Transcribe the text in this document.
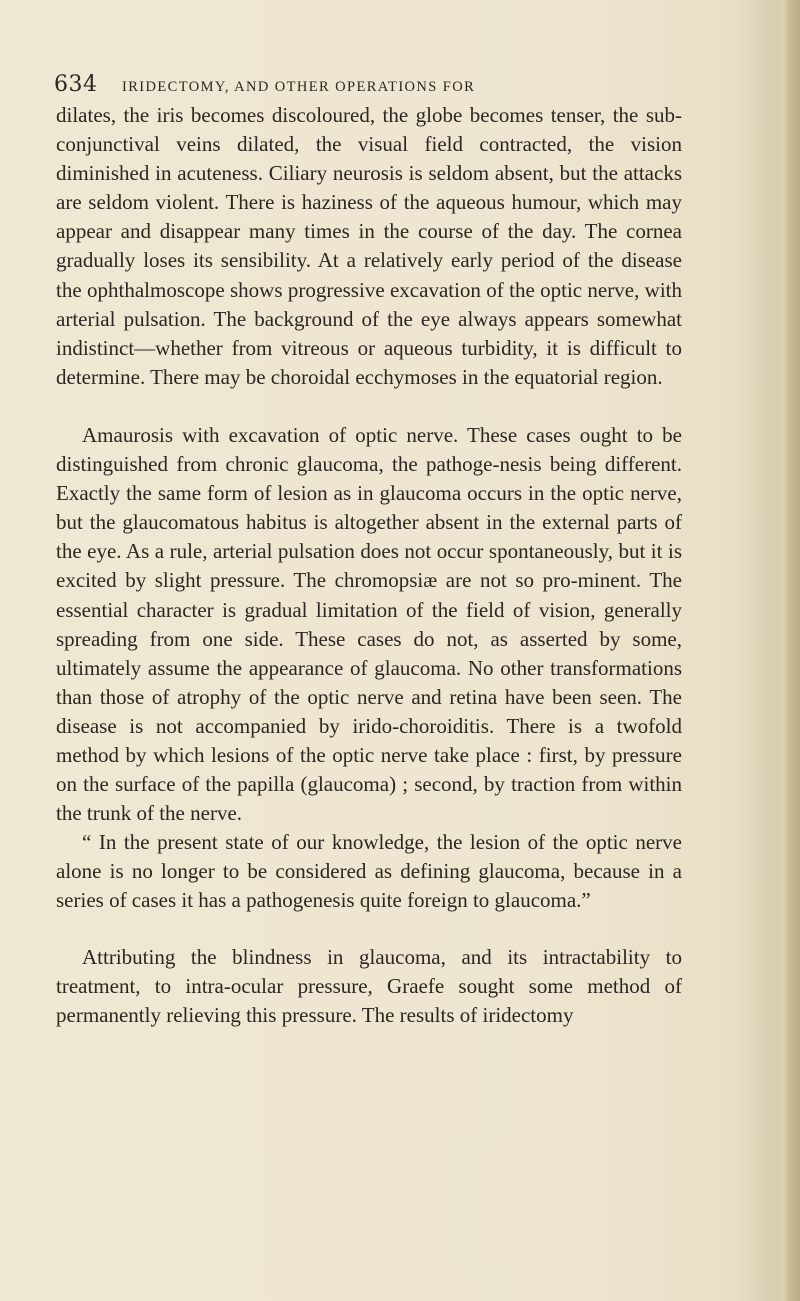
634 IRIDECTOMY, AND OTHER OPERATIONS FOR

dilates, the iris becomes discoloured, the globe becomes tenser, the sub-conjunctival veins dilated, the visual field contracted, the vision diminished in acuteness. Ciliary neurosis is seldom absent, but the attacks are seldom violent. There is haziness of the aqueous humour, which may appear and disappear many times in the course of the day. The cornea gradually loses its sensibility. At a relatively early period of the disease the ophthalmoscope shows progressive excavation of the optic nerve, with arterial pulsation. The background of the eye always appears somewhat indistinct—whether from vitreous or aqueous turbidity, it is difficult to determine. There may be choroidal ecchymoses in the equatorial region.

Amaurosis with excavation of optic nerve. These cases ought to be distinguished from chronic glaucoma, the pathoge-nesis being different. Exactly the same form of lesion as in glaucoma occurs in the optic nerve, but the glaucomatous habitus is altogether absent in the external parts of the eye. As a rule, arterial pulsation does not occur spontaneously, but it is excited by slight pressure. The chromopsiæ are not so pro-minent. The essential character is gradual limitation of the field of vision, generally spreading from one side. These cases do not, as asserted by some, ultimately assume the appearance of glaucoma. No other transformations than those of atrophy of the optic nerve and retina have been seen. The disease is not accompanied by irido-choroiditis. There is a twofold method by which lesions of the optic nerve take place : first, by pressure on the surface of the papilla (glaucoma) ; second, by traction from within the trunk of the nerve.

“ In the present state of our knowledge, the lesion of the optic nerve alone is no longer to be considered as defining glaucoma, because in a series of cases it has a pathogenesis quite foreign to glaucoma.”

Attributing the blindness in glaucoma, and its intractability to treatment, to intra-ocular pressure, Graefe sought some method of permanently relieving this pressure. The results of iridectomy
